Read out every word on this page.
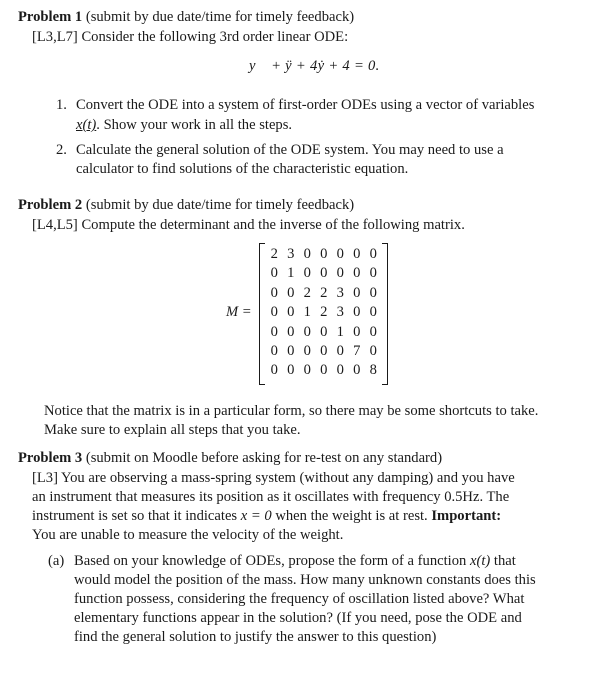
Problem 1 (submit by due date/time for timely feedback)
[L3,L7] Consider the following 3rd order linear ODE:
y⃛ + ÿ + 4ẏ + 4 = 0.
1. Convert the ODE into a system of first-order ODEs using a vector of variables
x(t). Show your work in all the steps.
2. Calculate the general solution of the ODE system. You may need to use a
calculator to find solutions of the characteristic equation.
Problem 2 (submit by due date/time for timely feedback)
[L4,L5] Compute the determinant and the inverse of the following matrix.
M =
2 3 0 0 0 0 0
0 1 0 0 0 0 0
0 0 2 2 3 0 0
0 0 1 2 3 0 0
0 0 0 0 1 0 0
0 0 0 0 0 7 0
0 0 0 0 0 0 8
Notice that the matrix is in a particular form, so there may be some shortcuts to take.
Make sure to explain all steps that you take.
Problem 3 (submit on Moodle before asking for re-test on any standard)
[L3] You are observing a mass-spring system (without any damping) and you have
an instrument that measures its position as it oscillates with frequency 0.5Hz. The
instrument is set so that it indicates x = 0 when the weight is at rest. Important:
You are unable to measure the velocity of the weight.
(a) Based on your knowledge of ODEs, propose the form of a function x(t) that
would model the position of the mass. How many unknown constants does this
function possess, considering the frequency of oscillation listed above? What
elementary functions appear in the solution? (If you need, pose the ODE and
find the general solution to justify the answer to this question)
